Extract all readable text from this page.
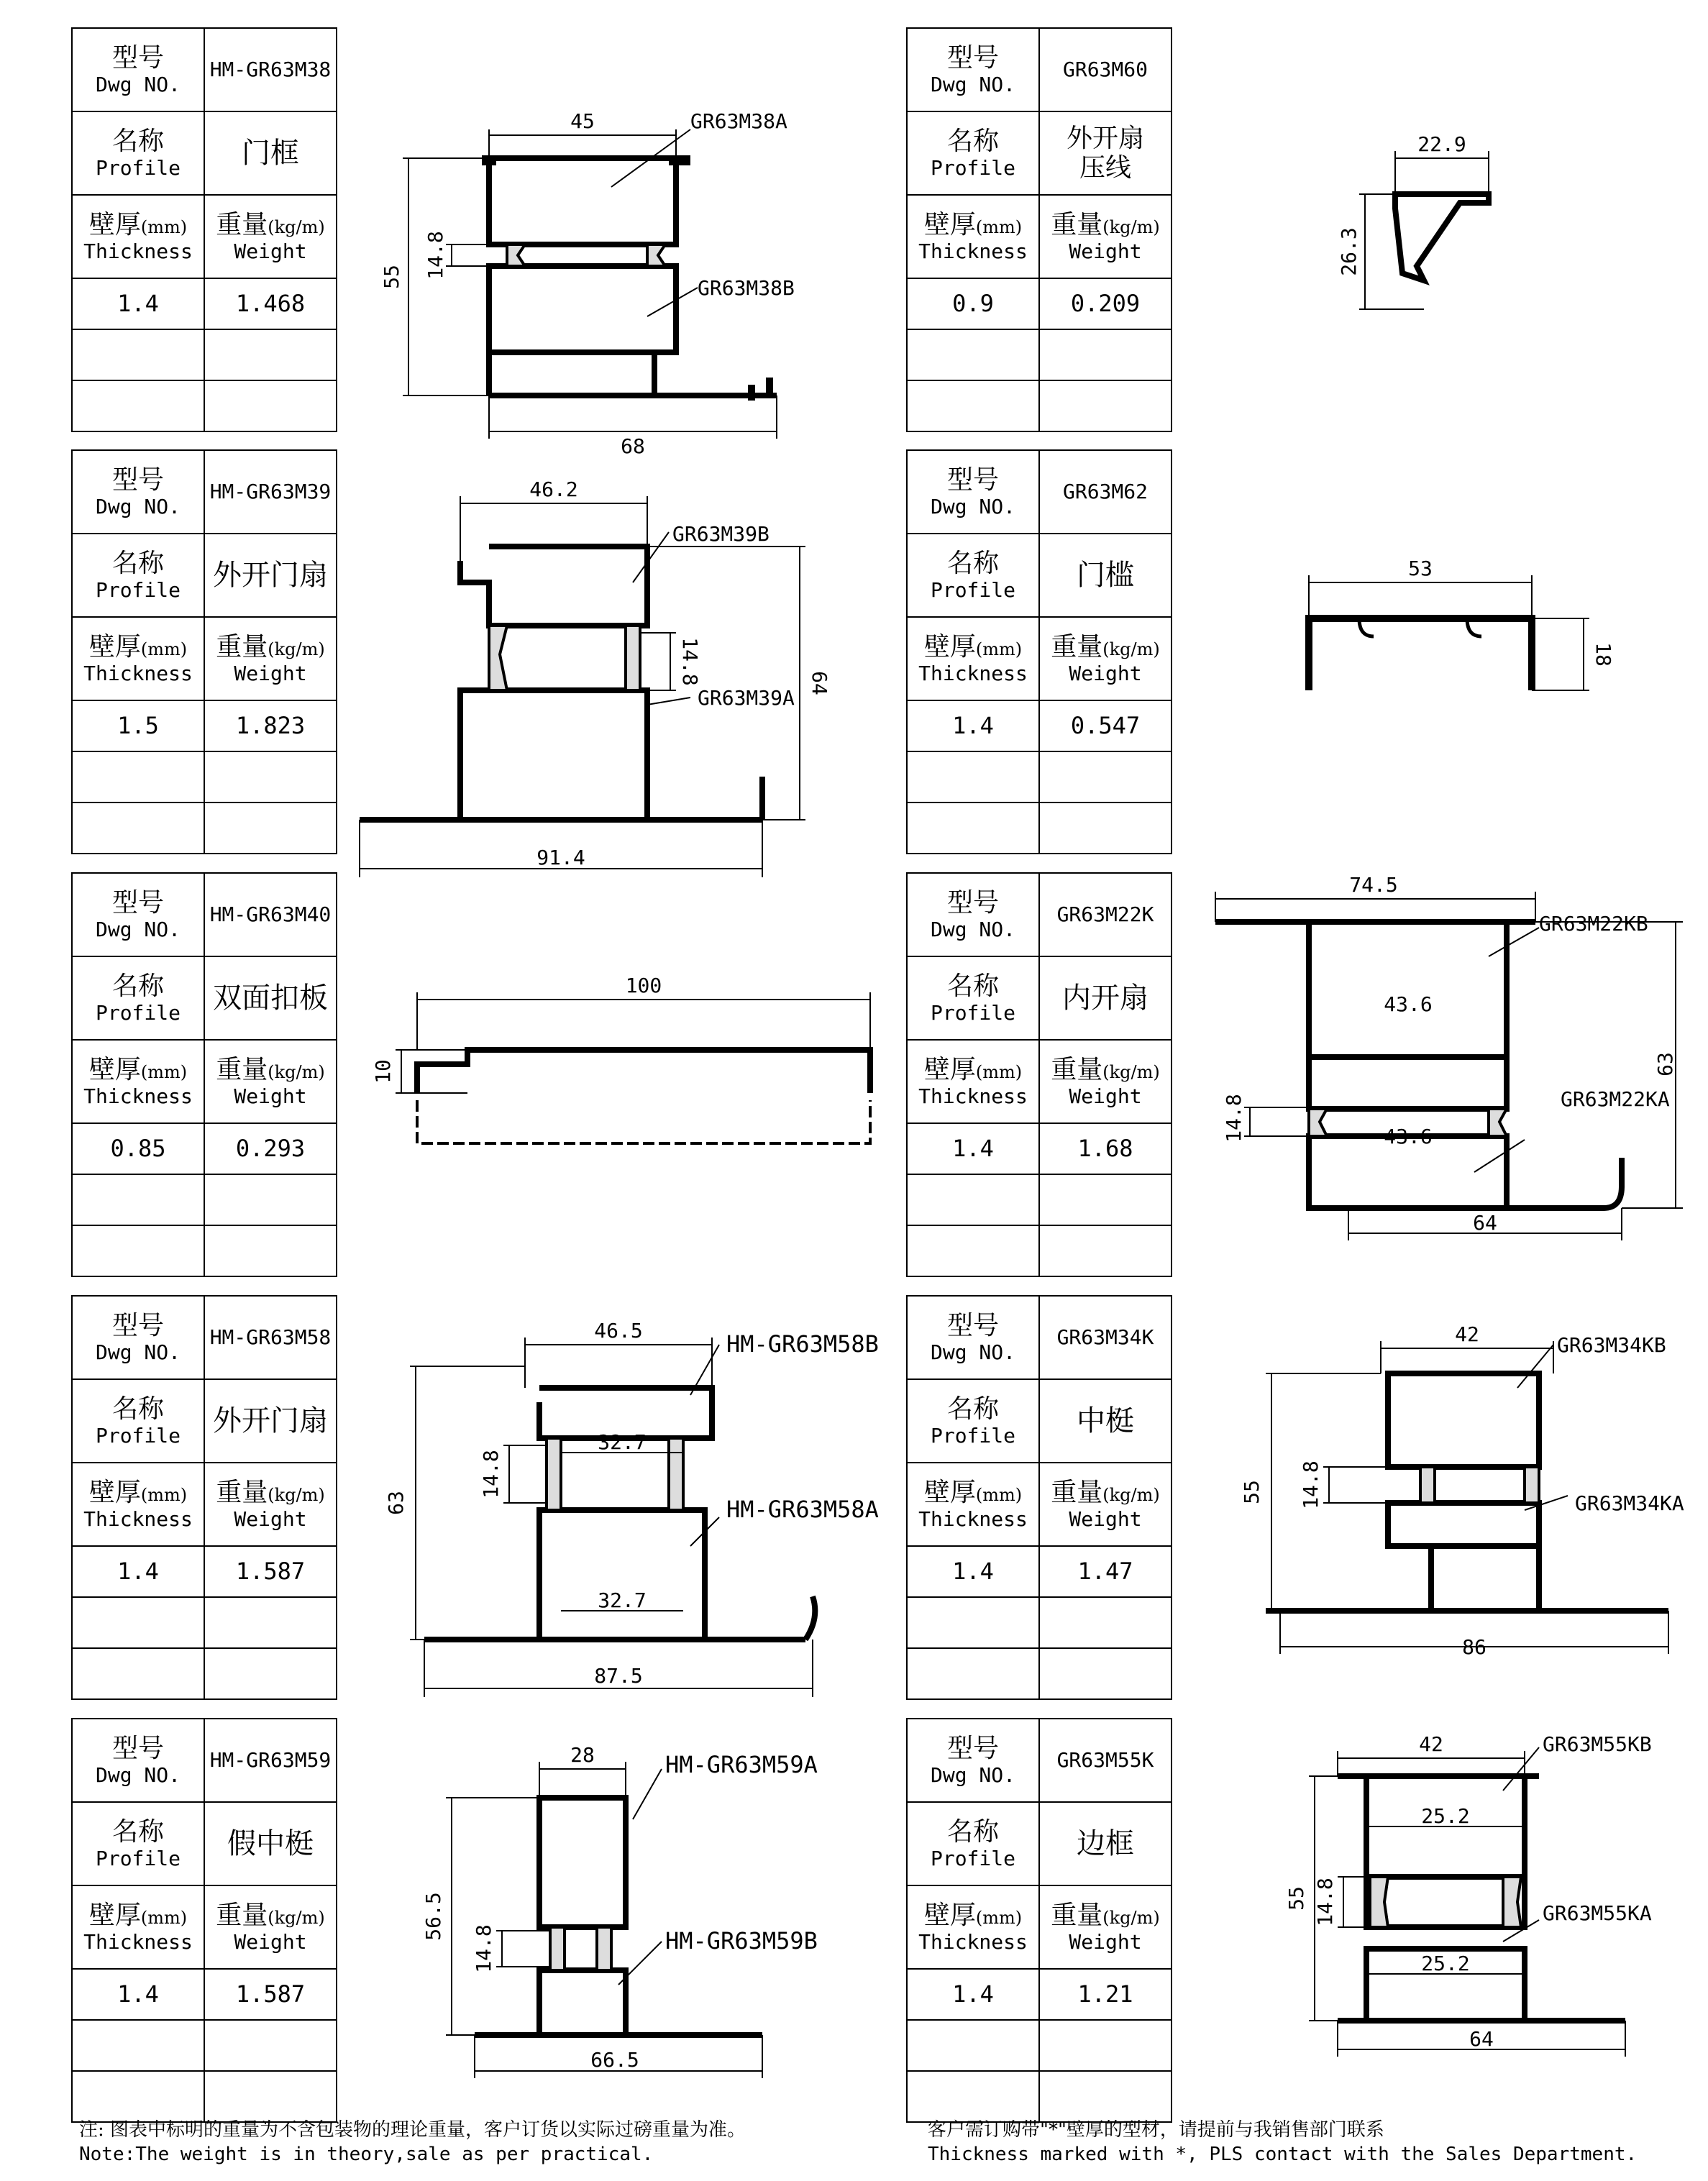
型号
Dwg NO.	HM-GR63M38

名称
Profile	门框

壁厚(mm)
Thickness	重量(kg/m)
Weight

1.4	1.468

型号
Dwg NO.	GR63M60

名称
Profile	外开扇压线

壁厚(mm)
Thickness	重量(kg/m)
Weight

0.9	0.209

型号
Dwg NO.	HM-GR63M39

名称
Profile	外开门扇

壁厚(mm)
Thickness	重量(kg/m)
Weight

1.5	1.823

型号
Dwg NO.	GR63M62

名称
Profile	门槛

壁厚(mm)
Thickness	重量(kg/m)
Weight

1.4	0.547

型号
Dwg NO.	HM-GR63M40

名称
Profile	双面扣板

壁厚(mm)
Thickness	重量(kg/m)
Weight

0.85	0.293

型号
Dwg NO.	GR63M22K

名称
Profile	内开扇

壁厚(mm)
Thickness	重量(kg/m)
Weight

1.4	1.68

型号
Dwg NO.	HM-GR63M58

名称
Profile	外开门扇

壁厚(mm)
Thickness	重量(kg/m)
Weight

1.4	1.587

型号
Dwg NO.	GR63M34K

名称
Profile	中梃

壁厚(mm)
Thickness	重量(kg/m)
Weight

1.4	1.47

型号
Dwg NO.	HM-GR63M59

名称
Profile	假中梃

壁厚(mm)
Thickness	重量(kg/m)
Weight

1.4	1.587

型号
Dwg NO.	GR63M55K

名称
Profile	边框

壁厚(mm)
Thickness	重量(kg/m)
Weight

1.4	1.21

45
55 14.8
68
GR63M38A
GR63M38B
22.9
26.3
46.2
64
14.8
91.4
GR63M39B
GR63M39A
53
18
100
10
74.5
43.6
14.8
63
43.6
64
GR63M22KB
GR63M22KA
46.5
32.7
14.8
63
32.7
87.5
HM-GR63M58B
HM-GR63M58A
42
55 14.8
86
GR63M34KB
GR63M34KA
28
56.5
14.8
66.5
HM-GR63M59A
HM-GR63M59B
42
25.2
55 14.8
25.2
64
GR63M55KB
GR63M55KA
注: 图表中标明的重量为不含包装物的理论重量，客户订货以实际过磅重量为准。
Note:The weight is in theory,sale as per practical.
客户需订购带"*"壁厚的型材，请提前与我销售部门联系
Thickness marked with *, PLS contact with the Sales Department.
